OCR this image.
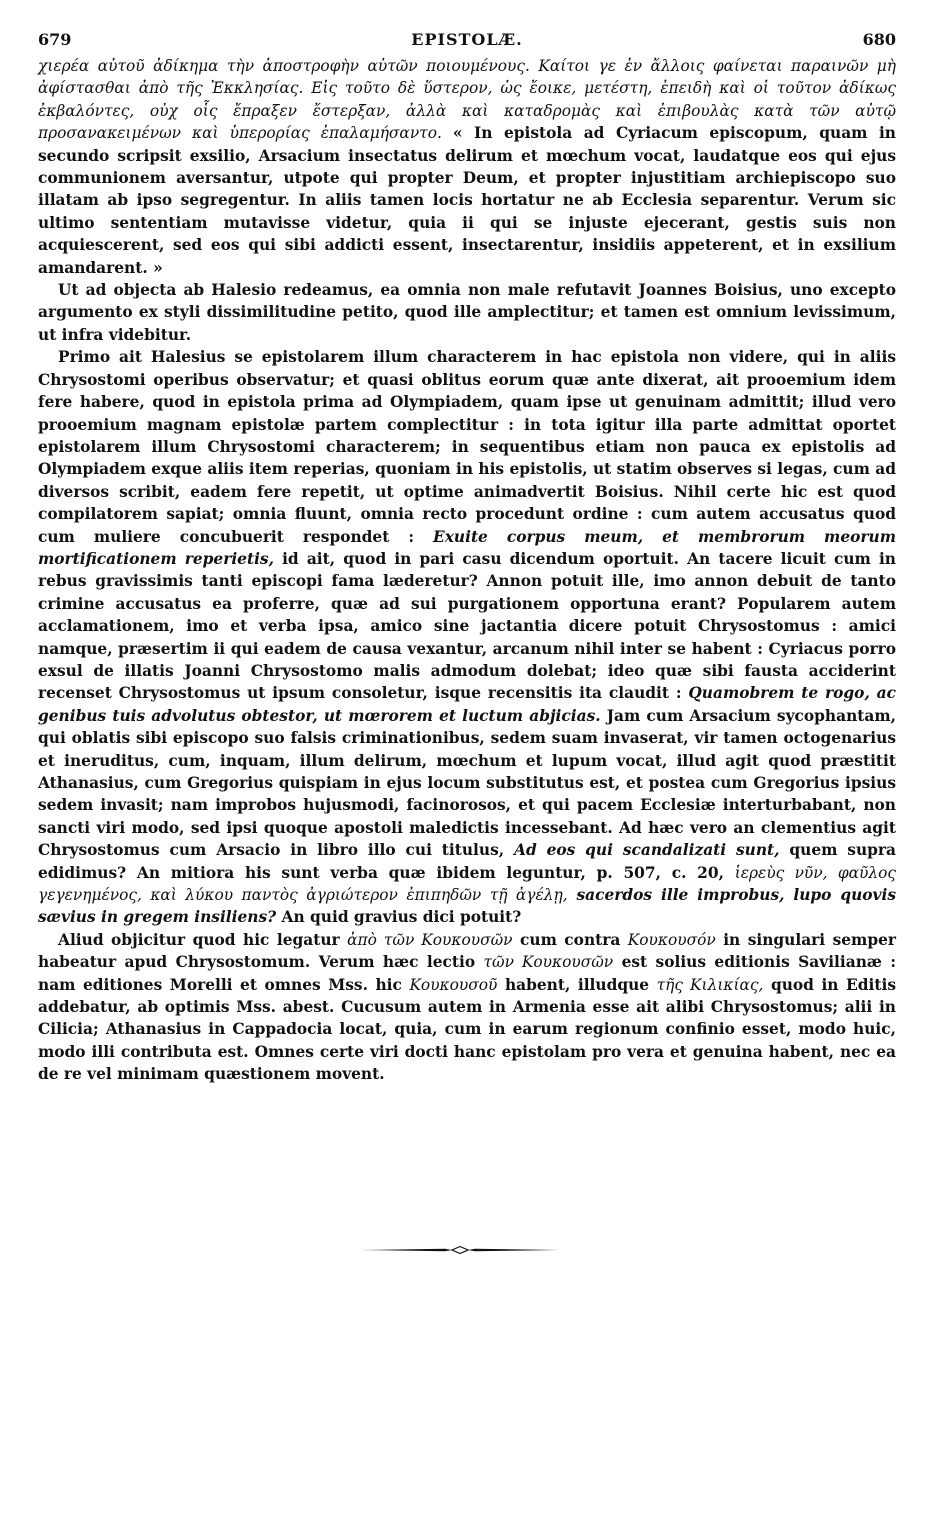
679	EPISTOLÆ.	680

χιερέα αὐτοῦ ἀδίκημα τὴν ἀποστροφὴν αὐτῶν ποιουμένους. Καίτοι γε ἐν ἄλλοις φαίνεται παραινῶν μὴ ἀφίστασθαι ἀπὸ τῆς Ἐκκλησίας. Εἰς τοῦτο δὲ ὕστερον, ὡς ἔοικε, μετέστη, ἐπειδὴ καὶ οἱ τοῦτον ἀδίκως ἐκβαλόντες, οὐχ οἷς ἔπραξεν ἔστερξαν, ἀλλὰ καὶ καταδρομὰς καὶ ἐπιβουλὰς κατὰ τῶν αὐτῷ προσανακειμένων καὶ ὑπερορίας ἐπαλαμήσαντο. « In epistola ad Cyriacum episcopum, quam in secundo scripsit exsilio, Arsacium insectatus delirum et mœchum vocat, laudatque eos qui ejus communionem aversantur, utpote qui propter Deum, et propter injustitiam archiepiscopo suo illatam ab ipso segregentur. In aliis tamen locis hortatur ne ab Ecclesia separentur. Verum sic ultimo sententiam mutavisse videtur, quia ii qui se injuste ejecerant, gestis suis non acquiescerent, sed eos qui sibi addicti essent, insectarentur, insidiis appeterent, et in exsilium amandarent. »

Ut ad objecta ab Halesio redeamus, ea omnia non male refutavit Joannes Boisius, uno excepto argumento ex styli dissimilitudine petito, quod ille amplectitur; et tamen est omnium levissimum, ut infra videbitur.

Primo ait Halesius se epistolarem illum characterem in hac epistola non videre, qui in aliis Chrysostomi operibus observatur; et quasi oblitus eorum quæ ante dixerat, ait prooemium idem fere habere, quod in epistola prima ad Olympiadem, quam ipse ut genuinam admittit; illud vero prooemium magnam epistolæ partem complectitur : in tota igitur illa parte admittat oportet epistolarem illum Chrysostomi characterem; in sequentibus etiam non pauca ex epistolis ad Olympiadem exque aliis item reperias, quoniam in his epistolis, ut statim observes si legas, cum ad diversos scribit, eadem fere repetit, ut optime animadvertit Boisius. Nihil certe hic est quod compilatorem sapiat; omnia fluunt, omnia recto procedunt ordine : cum autem accusatus quod cum muliere concubuerit respondet : Exuite corpus meum, et membrorum meorum mortificationem reperietis, id ait, quod in pari casu dicendum oportuit. An tacere licuit cum in rebus gravissimis tanti episcopi fama læderetur? Annon potuit ille, imo annon debuit de tanto crimine accusatus ea proferre, quæ ad sui purgationem opportuna erant? Popularem autem acclamationem, imo et verba ipsa, amico sine jactantia dicere potuit Chrysostomus : amici namque, præsertim ii qui eadem de causa vexantur, arcanum nihil inter se habent : Cyriacus porro exsul de illatis Joanni Chrysostomo malis admodum dolebat; ideo quæ sibi fausta acciderint recenset Chrysostomus ut ipsum consoletur, isque recensitis ita claudit : Quamobrem te rogo, ac genibus tuis advolutus obtestor, ut mœrorem et luctum abjicias. Jam cum Arsacium sycophantam, qui oblatis sibi episcopo suo falsis criminationibus, sedem suam invaserat, vir tamen octogenarius et ineruditus, cum, inquam, illum delirum, mœchum et lupum vocat, illud agit quod præstitit Athanasius, cum Gregorius quispiam in ejus locum substitutus est, et postea cum Gregorius ipsius sedem invasit; nam improbos hujusmodi, facinorosos, et qui pacem Ecclesiæ interturbabant, non sancti viri modo, sed ipsi quoque apostoli maledictis incessebant. Ad hæc vero an clementius agit Chrysostomus cum Arsacio in libro illo cui titulus, Ad eos qui scandalizati sunt, quem supra edidimus? An mitiora his sunt verba quæ ibidem leguntur, p. 507, c. 20, ἱερεὺς νῦν, φαῦλος γεγενημένος, καὶ λύκου παντὸς ἀγριώτερον ἐπιπηδῶν τῇ ἀγέλῃ, sacerdos ille improbus, lupo quovis sævius in gregem insiliens? An quid gravius dici potuit?

Aliud objicitur quod hic legatur ἀπὸ τῶν Κουκουσῶν cum contra Κουκουσόν in singulari semper habeatur apud Chrysostomum. Verum hæc lectio τῶν Κουκουσῶν est solius editionis Savilianæ : nam editiones Morelli et omnes Mss. hic Κουκουσοῦ habent, illudque τῆς Κιλικίας, quod in Editis addebatur, ab optimis Mss. abest. Cucusum autem in Armenia esse ait alibi Chrysostomus; alii in Cilicia; Athanasius in Cappadocia locat, quia, cum in earum regionum confinio esset, modo huic, modo illi contributa est. Omnes certe viri docti hanc epistolam pro vera et genuina habent, nec ea de re vel minimam quæstionem movent.
